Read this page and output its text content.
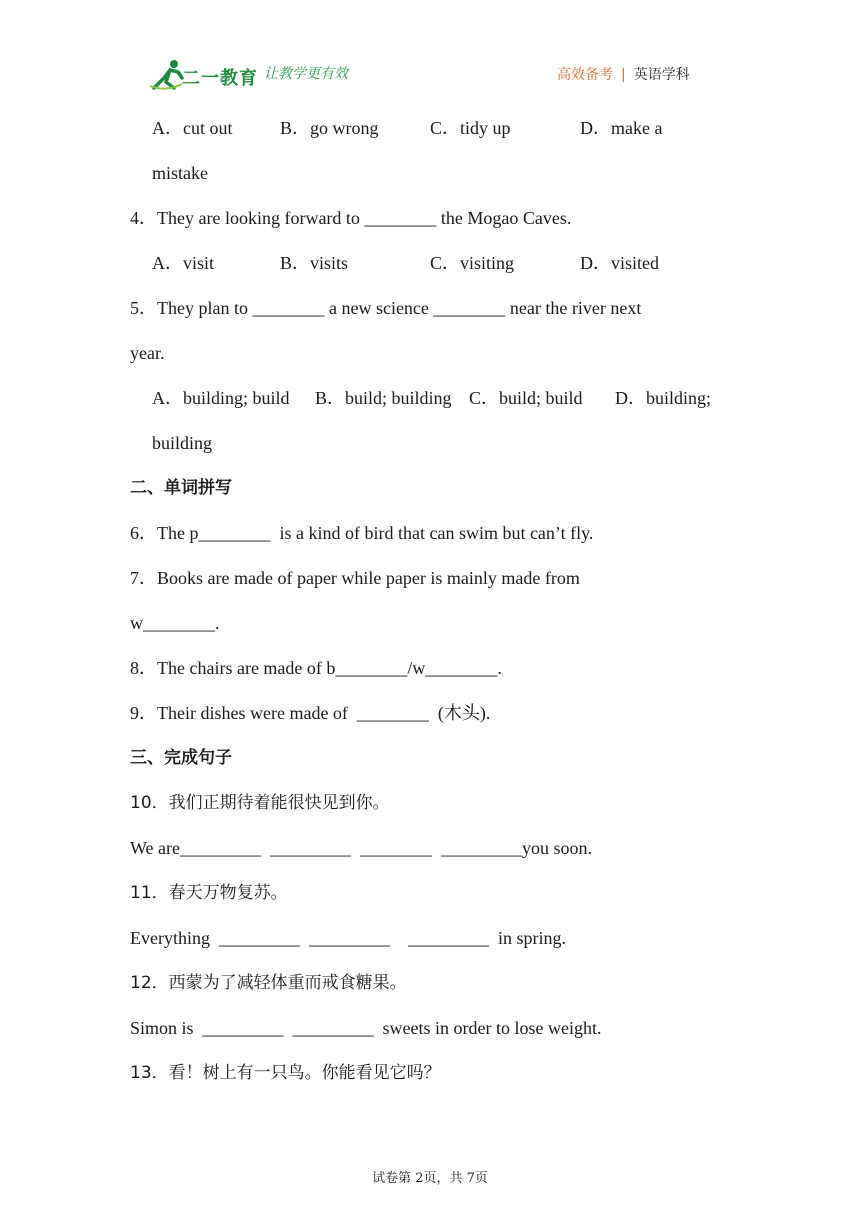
二一教育 让教学更有效	高效备考 | 英语学科
A．cut out	B．go wrong	C．tidy up	D．make a
mistake
4．They are looking forward to ________ the Mogao Caves.
A．visit	B．visits	C．visiting	D．visited
5．They plan to ________ a new science ________ near the river next
year.
A．building; build B．build; building C．build; build D．building;
building
二、单词拼写
6．The p________  is a kind of bird that can swim but can’t fly.
7．Books are made of paper while paper is mainly made from
w________.
8．The chairs are made of b________/w________.
9．Their dishes were made of  ________  (木头).
三、完成句子
10．我们正期待着能很快见到你。
We are_________  _________  ________  _________you soon.
11．春天万物复苏。
Everything  _________  _________    _________  in spring.
12．西蒙为了减轻体重而戒食糖果。
Simon is  _________  _________  sweets in order to lose weight.
13．看！树上有一只鸟。你能看见它吗？
试卷第 2页，共 7页
